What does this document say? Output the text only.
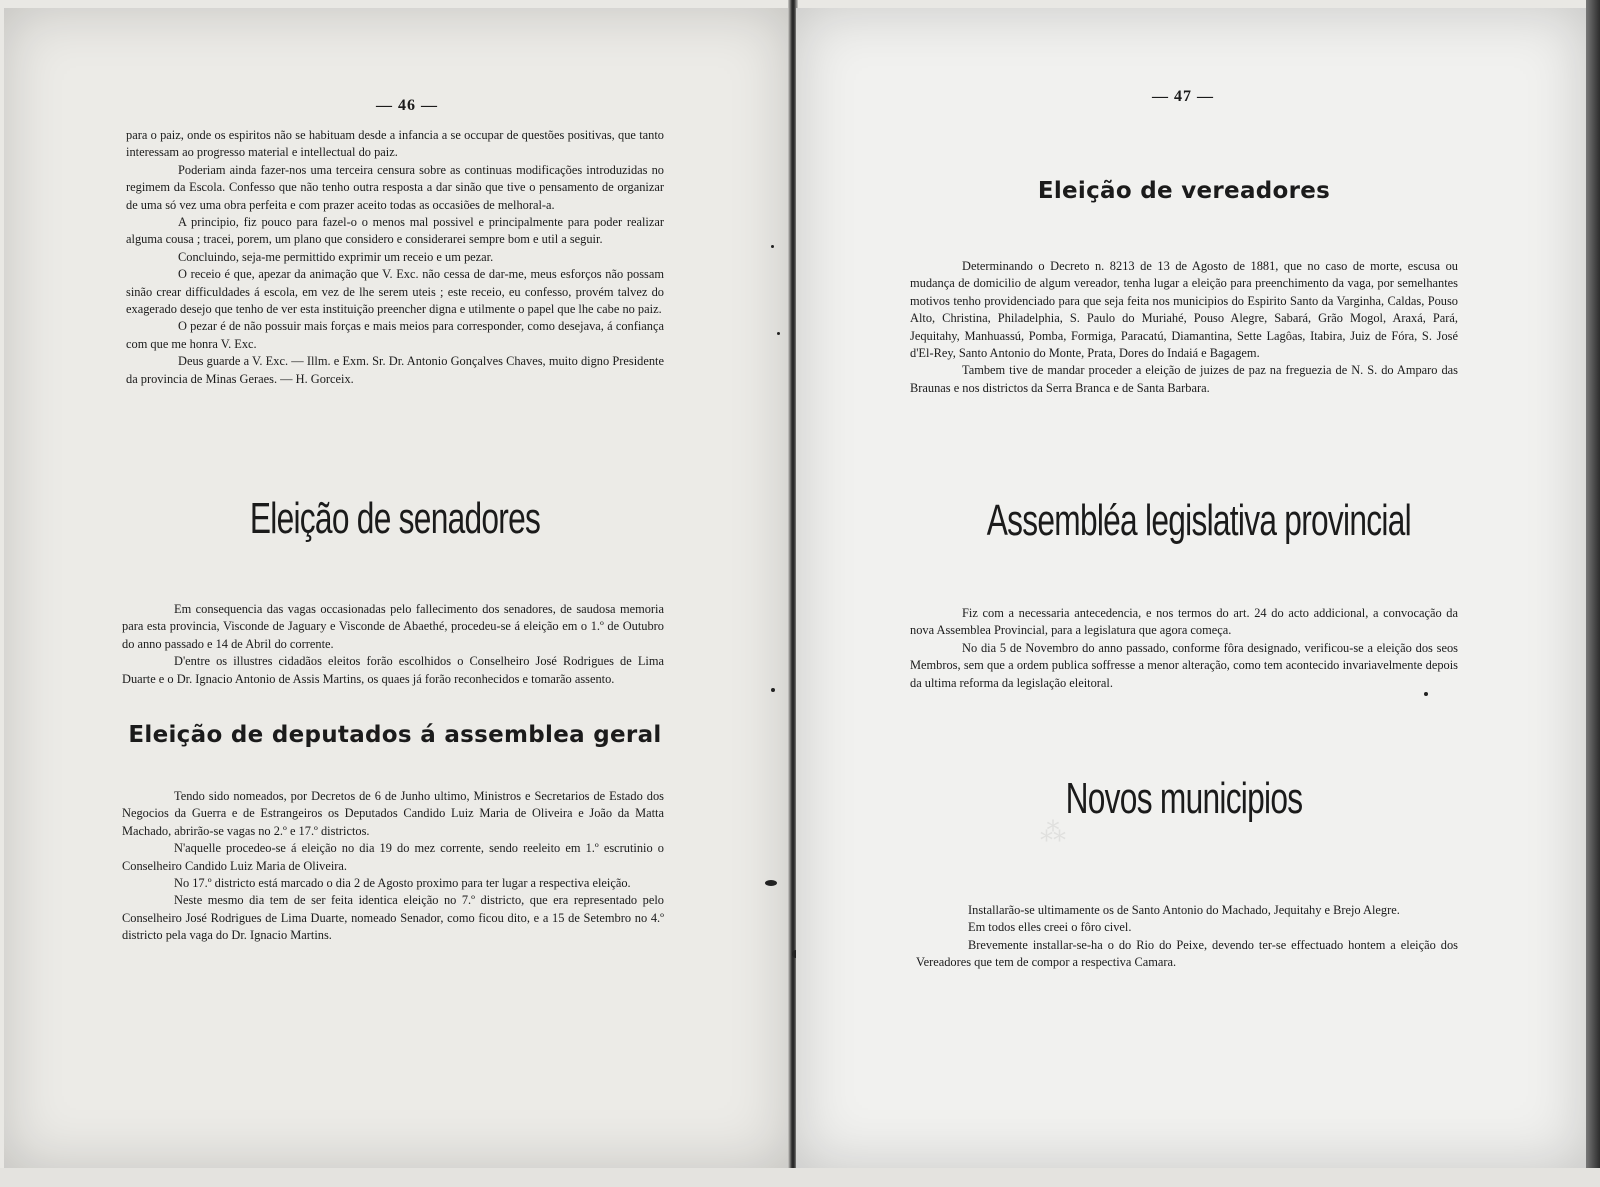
— 46 —

para o paiz, onde os espiritos não se habituam desde a infancia a se occupar de questões positivas, que tanto interessam ao progresso material e intellectual do paiz.

Poderiam ainda fazer-nos uma terceira censura sobre as continuas modificações introduzidas no regimem da Escola. Confesso que não tenho outra resposta a dar sinão que tive o pensamento de organizar de uma só vez uma obra perfeita e com prazer aceito todas as occasiões de melhoral-a.

A principio, fiz pouco para fazel-o o menos mal possivel e principalmente para poder realizar alguma cousa ; tracei, porem, um plano que considero e considerarei sempre bom e util a seguir.

Concluindo, seja-me permittido exprimir um receio e um pezar.

O receio é que, apezar da animação que V. Exc. não cessa de dar-me, meus esforços não possam sinão crear difficuldades á escola, em vez de lhe serem uteis ; este receio, eu confesso, provém talvez do exagerado desejo que tenho de ver esta instituição preencher digna e utilmente o papel que lhe cabe no paiz.

O pezar é de não possuir mais forças e mais meios para corresponder, como desejava, á confiança com que me honra V. Exc.

Deus guarde a V. Exc. — Illm. e Exm. Sr. Dr. Antonio Gonçalves Chaves, muito digno Presidente da provincia de Minas Geraes. — H. Gorceix.

Eleição de senadores

Em consequencia das vagas occasionadas pelo fallecimento dos senadores, de saudosa memoria para esta provincia, Visconde de Jaguary e Visconde de Abaethé, procedeu-se á eleição em o 1.º de Outubro do anno passado e 14 de Abril do corrente.

D'entre os illustres cidadãos eleitos forão escolhidos o Conselheiro José Rodrigues de Lima Duarte e o Dr. Ignacio Antonio de Assis Martins, os quaes já forão reconhecidos e tomarão assento.

Eleição de deputados á assemblea geral

Tendo sido nomeados, por Decretos de 6 de Junho ultimo, Ministros e Secretarios de Estado dos Negocios da Guerra e de Estrangeiros os Deputados Candido Luiz Maria de Oliveira e João da Matta Machado, abrirão-se vagas no 2.º e 17.º districtos.

N'aquelle procedeo-se á eleição no dia 19 do mez corrente, sendo reeleito em 1.º escrutinio o Conselheiro Candido Luiz Maria de Oliveira.

No 17.º districto está marcado o dia 2 de Agosto proximo para ter lugar a respectiva eleição.

Neste mesmo dia tem de ser feita identica eleição no 7.º districto, que era representado pelo Conselheiro José Rodrigues de Lima Duarte, nomeado Senador, como ficou dito, e a 15 de Setembro no 4.º districto pela vaga do Dr. Ignacio Martins.

⁂
— 47 —
Eleição de vereadores

Determinando o Decreto n. 8213 de 13 de Agosto de 1881, que no caso de morte, escusa ou mudança de domicilio de algum vereador, tenha lugar a eleição para preenchimento da vaga, por semelhantes motivos tenho providenciado para que seja feita nos municipios do Espirito Santo da Varginha, Caldas, Pouso Alto, Christina, Philadelphia, S. Paulo do Muriahé, Pouso Alegre, Sabará, Grão Mogol, Araxá, Pará, Jequitahy, Manhuassú, Pomba, Formiga, Paracatú, Diamantina, Sette Lagôas, Itabira, Juiz de Fóra, S. José d'El-Rey, Santo Antonio do Monte, Prata, Dores do Indaiá e Bagagem.

Tambem tive de mandar proceder a eleição de juizes de paz na freguezia de N. S. do Amparo das Braunas e nos districtos da Serra Branca e de Santa Barbara.

Assembléa legislativa provincial

Fiz com a necessaria antecedencia, e nos termos do art. 24 do acto addicional, a convocação da nova Assemblea Provincial, para a legislatura que agora começa.

No dia 5 de Novembro do anno passado, conforme fôra designado, verificou-se a eleição dos seos Membros, sem que a ordem publica soffresse a menor alteração, como tem acontecido invariavelmente depois da ultima reforma da legislação eleitoral.

Novos municipios

Installarão-se ultimamente os de Santo Antonio do Machado, Jequitahy e Brejo Alegre.

Em todos elles creei o fôro civel.

Brevemente installar-se-ha o do Rio do Peixe, devendo ter-se effectuado hontem a eleição dos Vereadores que tem de compor a respectiva Camara.
